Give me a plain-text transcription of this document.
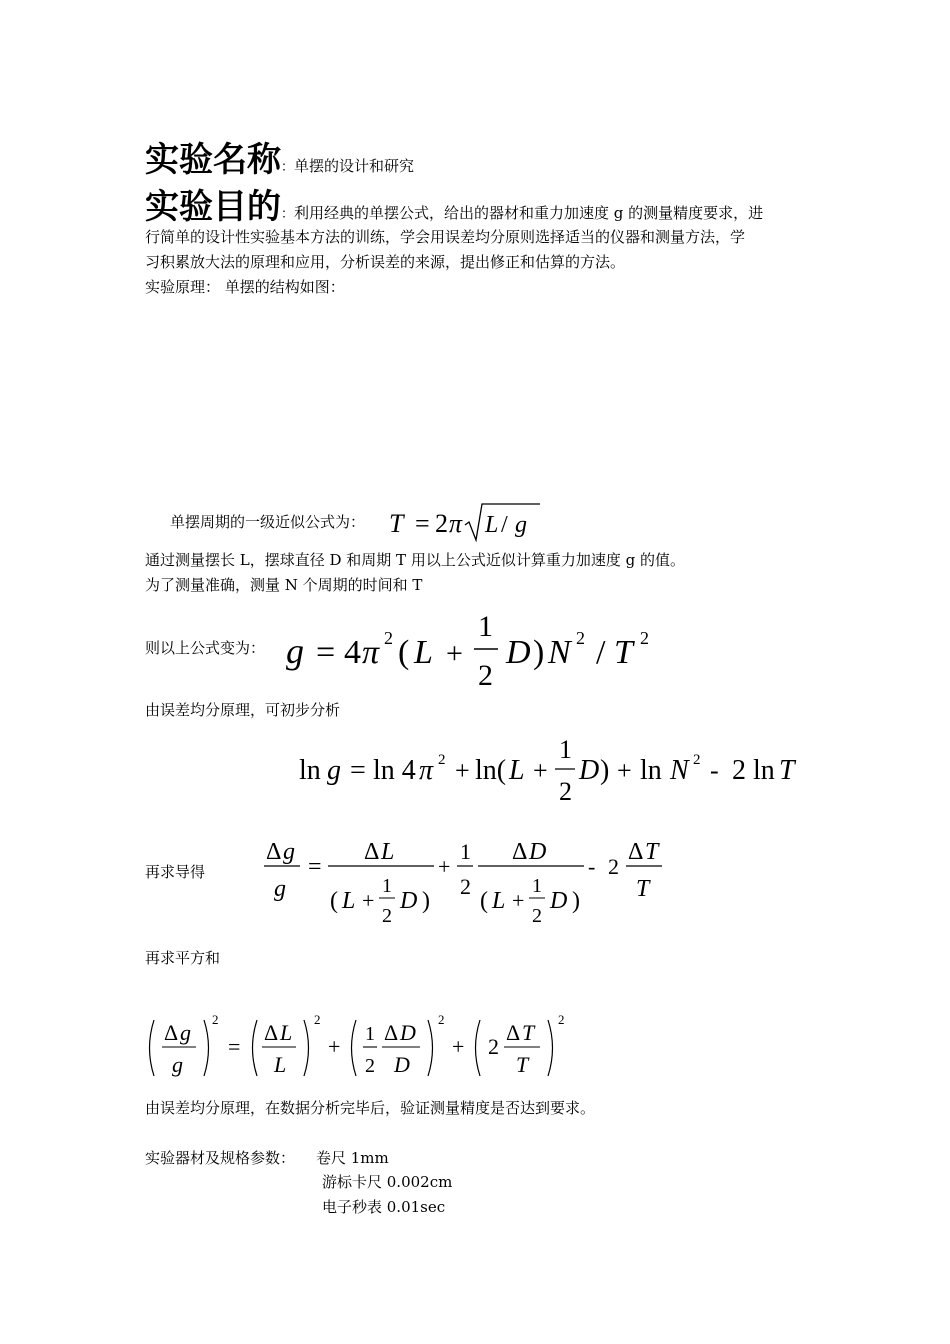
实验名称：单摆的设计和研究
实验目的：利用经典的单摆公式，给出的器材和重力加速度 g 的测量精度要求，进
行简单的设计性实验基本方法的训练，学会用误差均分原则选择适当的仪器和测量方法，学
习积累放大法的原理和应用，分析误差的来源，提出修正和估算的方法。
实验原理： 单摆的结构如图：
单摆周期的一级近似公式为： T = 2 π L / g
通过测量摆长 L，摆球直径 D 和周期 T 用以上公式近似计算重力加速度 g 的值。
为了测量准确，测量 N 个周期的时间和 T
则以上公式变为： g = 4 π 2 ( L +
1
2
D ) N 2 / T 2
由误差均分原理，可初步分析
ln g = ln 4 π 2 + ln( L +
1
2
D ) + ln N 2 - 2 ln T
再求导得
Δ g
g
=
Δ L
( L +
1
2
D )
+
1
2
Δ D
( L +
1
2
D )
- 2
Δ T
T
再求平方和
Δ g
g
2
=
Δ L
L
2
+ 1
2
Δ D
D
2
+ 2
Δ T
T
2
由误差均分原理，在数据分析完毕后，验证测量精度是否达到要求。
实验器材及规格参数： 卷尺 1mm
游标卡尺 0.002cm
电子秒表 0.01sec
